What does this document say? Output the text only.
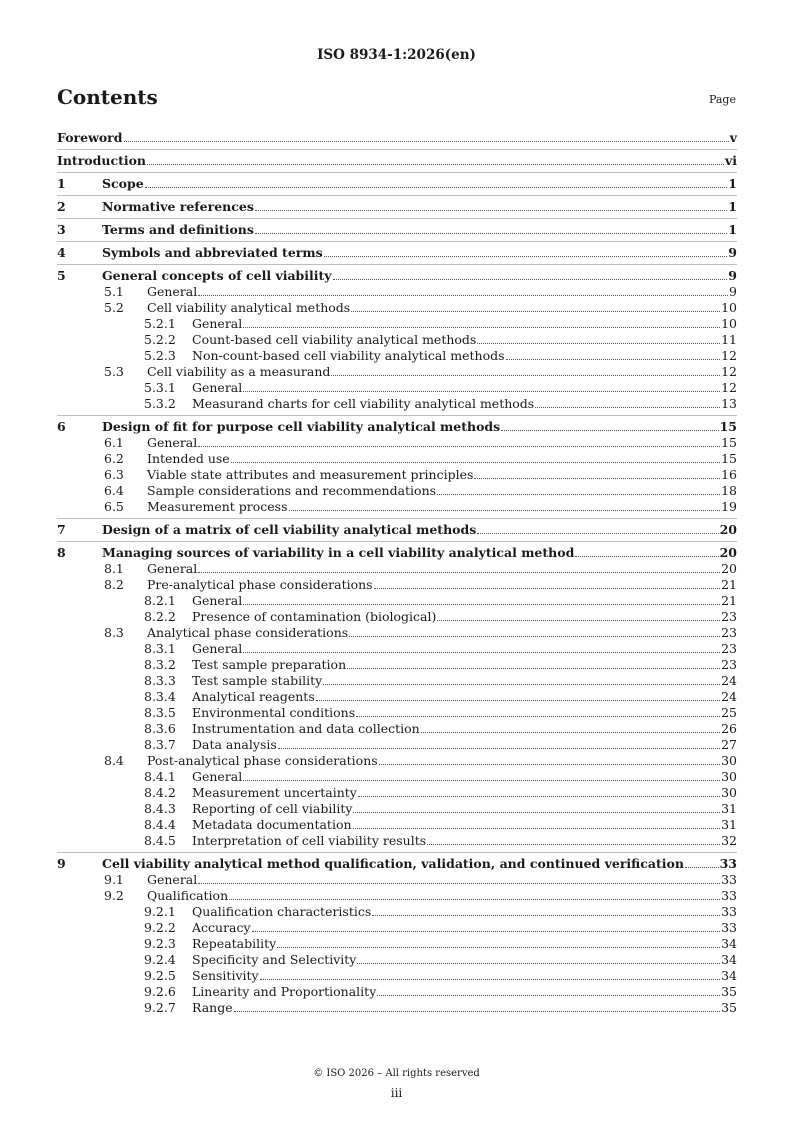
ISO 8934-1:2026(en)
Contents	Page
Foreword	v
Introduction	vi
1	Scope	1
2	Normative references	1
3	Terms and definitions	1
4	Symbols and abbreviated terms	9
5	General concepts of cell viability	9
5.1	General	9
5.2	Cell viability analytical methods	10
5.2.1	General	10
5.2.2	Count-based cell viability analytical methods	11
5.2.3	Non-count-based cell viability analytical methods	12
5.3	Cell viability as a measurand	12
5.3.1	General	12
5.3.2	Measurand charts for cell viability analytical methods	13
6	Design of fit for purpose cell viability analytical methods	15
6.1	General	15
6.2	Intended use	15
6.3	Viable state attributes and measurement principles	16
6.4	Sample considerations and recommendations	18
6.5	Measurement process	19
7	Design of a matrix of cell viability analytical methods	20
8	Managing sources of variability in a cell viability analytical method	20
8.1	General	20
8.2	Pre-analytical phase considerations	21
8.2.1	General	21
8.2.2	Presence of contamination (biological)	23
8.3	Analytical phase considerations	23
8.3.1	General	23
8.3.2	Test sample preparation	23
8.3.3	Test sample stability	24
8.3.4	Analytical reagents	24
8.3.5	Environmental conditions	25
8.3.6	Instrumentation and data collection	26
8.3.7	Data analysis	27
8.4	Post-analytical phase considerations	30
8.4.1	General	30
8.4.2	Measurement uncertainty	30
8.4.3	Reporting of cell viability	31
8.4.4	Metadata documentation	31
8.4.5	Interpretation of cell viability results	32
9	Cell viability analytical method qualification, validation, and continued verification	33
9.1	General	33
9.2	Qualification	33
9.2.1	Qualification characteristics	33
9.2.2	Accuracy	33
9.2.3	Repeatability	34
9.2.4	Specificity and Selectivity	34
9.2.5	Sensitivity	34
9.2.6	Linearity and Proportionality	35
9.2.7	Range	35
© ISO 2026 – All rights reserved
iii
